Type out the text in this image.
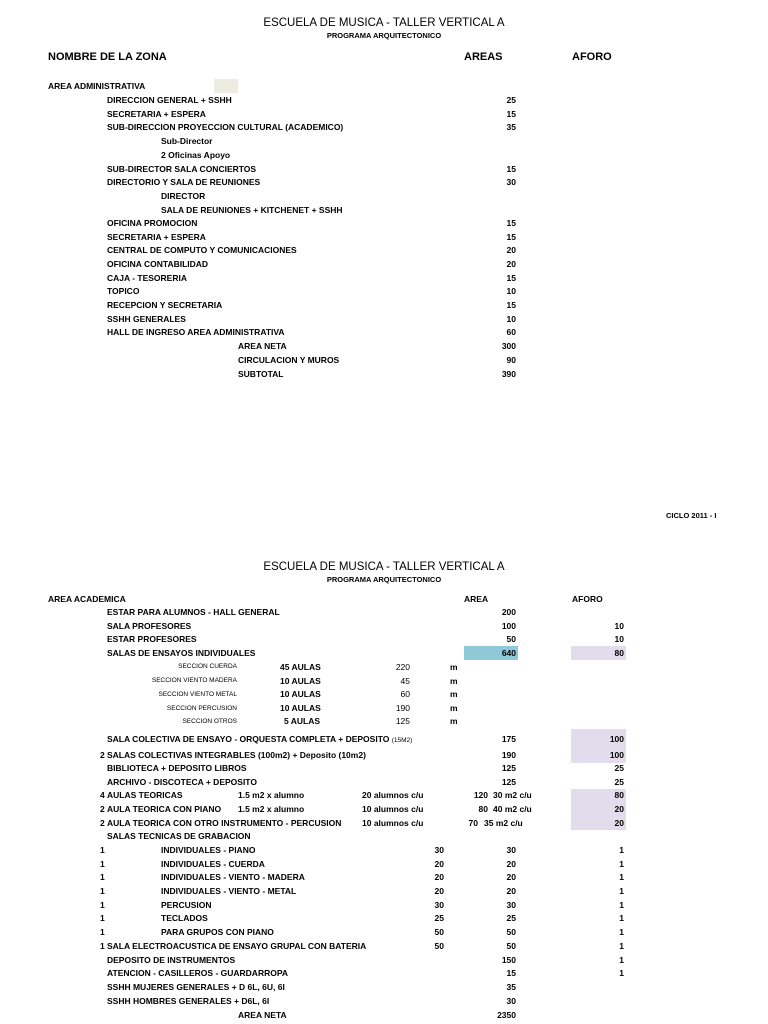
ESCUELA DE MUSICA - TALLER VERTICAL A
PROGRAMA ARQUITECTONICO
NOMBRE DE LA ZONA	AREAS	AFORO
AREA ADMINISTRATIVA
DIRECCION GENERAL + SSHH	25
SECRETARIA + ESPERA	15
SUB-DIRECCION PROYECCION CULTURAL (ACADEMICO)	35
Sub-Director
2 Oficinas Apoyo
SUB-DIRECTOR SALA CONCIERTOS	15
DIRECTORIO Y SALA DE REUNIONES	30
DIRECTOR
SALA DE REUNIONES + KITCHENET + SSHH
OFICINA PROMOCION	15
SECRETARIA + ESPERA	15
CENTRAL DE COMPUTO Y COMUNICACIONES	20
OFICINA CONTABILIDAD	20
CAJA - TESORERIA	15
TOPICO	10
RECEPCION Y SECRETARIA	15
SSHH GENERALES	10
HALL DE INGRESO AREA ADMINISTRATIVA	60
AREA NETA	300
CIRCULACION Y MUROS	90
SUBTOTAL	390
CICLO 2011 - I
ESCUELA DE MUSICA - TALLER VERTICAL A
PROGRAMA ARQUITECTONICO
AREA ACADEMICA	AREA	AFORO
ESTAR PARA ALUMNOS - HALL GENERAL	200
SALA PROFESORES	100	10
ESTAR PROFESORES	50	10
SALAS DE ENSAYOS INDIVIDUALES	640	80
SECCION CUERDA	45 AULAS	220	m
SECCION VIENTO MADERA	10 AULAS	45	m
SECCION VIENTO METAL	10 AULAS	60	m
SECCION PERCUSION	10 AULAS	190	m
SECCION OTROS	5 AULAS	125	m
SALA COLECTIVA DE ENSAYO - ORQUESTA COMPLETA + DEPOSITO (15M2)	175	100
2 SALAS COLECTIVAS INTEGRABLES (100m2) + Deposito (10m2)	190	100
BIBLIOTECA + DEPOSITO LIBROS	125	25
ARCHIVO - DISCOTECA + DEPOSITO	125	25
4 AULAS TEORICAS	1.5 m2 x alumno	20 alumnos c/u	120 30 m2 c/u	80
2 AULA TEORICA CON PIANO 1.5 m2 x alumno	10 alumnos c/u	80 40 m2 c/u	20
2 AULA TEORICA CON OTRO INSTRUMENTO - PERCUSION 10 alumnos c/u	70 35 m2 c/u	20
SALAS TECNICAS DE GRABACION
1	INDIVIDUALES - PIANO	30	30	1
1	INDIVIDUALES - CUERDA	20	20	1
1	INDIVIDUALES - VIENTO - MADERA	20	20	1
1	INDIVIDUALES - VIENTO - METAL	20	20	1
1	PERCUSION	30	30	1
1	TECLADOS	25	25	1
1	PARA GRUPOS CON PIANO	50	50	1
1 SALA ELECTROACUSTICA DE ENSAYO GRUPAL CON BATERIA	50	50	1
DEPOSITO DE INSTRUMENTOS	150	1
ATENCION - CASILLEROS - GUARDARROPA	15	1
SSHH MUJERES GENERALES + D 6L, 6U, 6I	35
SSHH HOMBRES GENERALES + D6L, 6I	30
AREA NETA	2350
